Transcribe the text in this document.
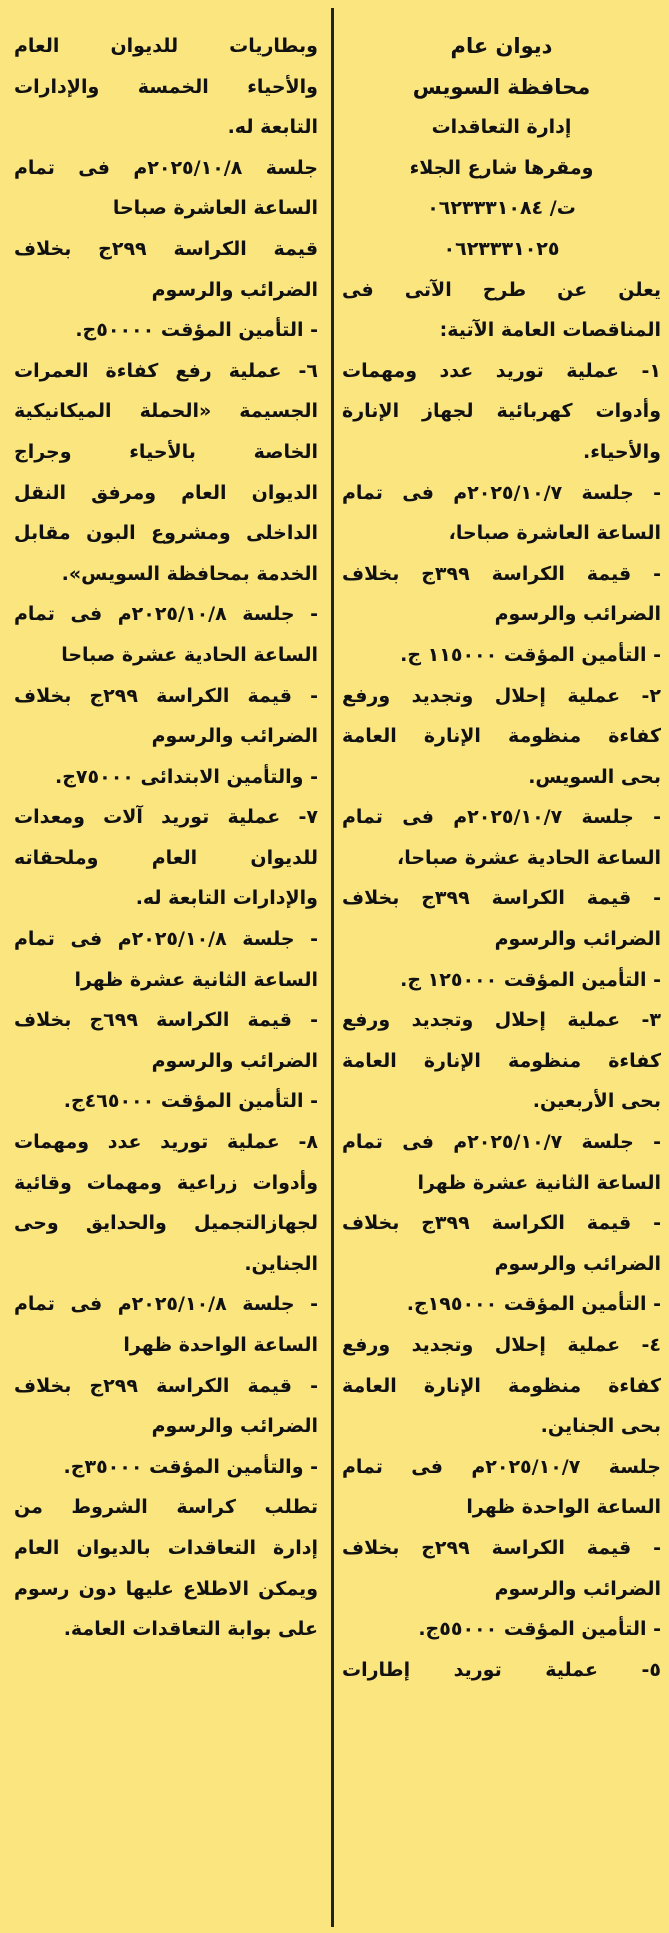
ديوان عام
محافظة السويس
إدارة التعاقدات
ومقرها شارع الجلاء
ت/ ٠٦٢٣٣٣١٠٨٤
٠٦٢٣٣٣١٠٢٥
يعلن عن طرح الآتى فى
المناقصات العامة الآتية:
١- عملية توريد عدد ومهمات
وأدوات كهربائية لجهاز الإنارة
والأحياء.
- جلسة ٢٠٢٥/١٠/٧م فى تمام
الساعة العاشرة صباحا،
- قيمة الكراسة ٣٩٩ج بخلاف
الضرائب والرسوم
- التأمين المؤقت ١١٥٠٠٠ ج.
٢- عملية إحلال وتجديد ورفع
كفاءة منظومة الإنارة العامة
بحى السويس.
- جلسة ٢٠٢٥/١٠/٧م فى تمام
الساعة الحادية عشرة صباحا،
- قيمة الكراسة ٣٩٩ج بخلاف
الضرائب والرسوم
- التأمين المؤقت ١٢٥٠٠٠ ج.
٣- عملية إحلال وتجديد ورفع
كفاءة منظومة الإنارة العامة
بحى الأربعين.
- جلسة ٢٠٢٥/١٠/٧م فى تمام
الساعة الثانية عشرة ظهرا
- قيمة الكراسة ٣٩٩ج بخلاف
الضرائب والرسوم
- التأمين المؤقت ١٩٥٠٠٠ج.
٤- عملية إحلال وتجديد ورفع
كفاءة منظومة الإنارة العامة
بحى الجناين.
جلسة ٢٠٢٥/١٠/٧م فى تمام
الساعة الواحدة ظهرا
- قيمة الكراسة ٢٩٩ج بخلاف
الضرائب والرسوم
- التأمين المؤقت ٥٥٠٠٠ج.
٥- عملية توريد إطارات
وبطاريات للديوان العام
والأحياء الخمسة والإدارات
التابعة له.
جلسة ٢٠٢٥/١٠/٨م فى تمام
الساعة العاشرة صباحا
قيمة الكراسة ٢٩٩ج بخلاف
الضرائب والرسوم
- التأمين المؤقت ٥٠٠٠٠ج.
٦- عملية رفع كفاءة العمرات
الجسيمة «الحملة الميكانيكية
الخاصة بالأحياء وجراج
الديوان العام ومرفق النقل
الداخلى ومشروع البون مقابل
الخدمة بمحافظة السويس».
- جلسة ٢٠٢٥/١٠/٨م فى تمام
الساعة الحادية عشرة صباحا
- قيمة الكراسة ٢٩٩ج بخلاف
الضرائب والرسوم
- والتأمين الابتدائى ٧٥٠٠٠ج.
٧- عملية توريد آلات ومعدات
للديوان العام وملحقاته
والإدارات التابعة له.
- جلسة ٢٠٢٥/١٠/٨م فى تمام
الساعة الثانية عشرة ظهرا
- قيمة الكراسة ٦٩٩ج بخلاف
الضرائب والرسوم
- التأمين المؤقت ٤٦٥٠٠٠ج.
٨- عملية توريد عدد ومهمات
وأدوات زراعية ومهمات وقائية
لجهازالتجميل والحدايق وحى
الجناين.
- جلسة ٢٠٢٥/١٠/٨م فى تمام
الساعة الواحدة ظهرا
- قيمة الكراسة ٢٩٩ج بخلاف
الضرائب والرسوم
- والتأمين المؤقت ٣٥٠٠٠ج.
تطلب كراسة الشروط من
إدارة التعاقدات بالديوان العام
ويمكن الاطلاع عليها دون رسوم
على بوابة التعاقدات العامة.
